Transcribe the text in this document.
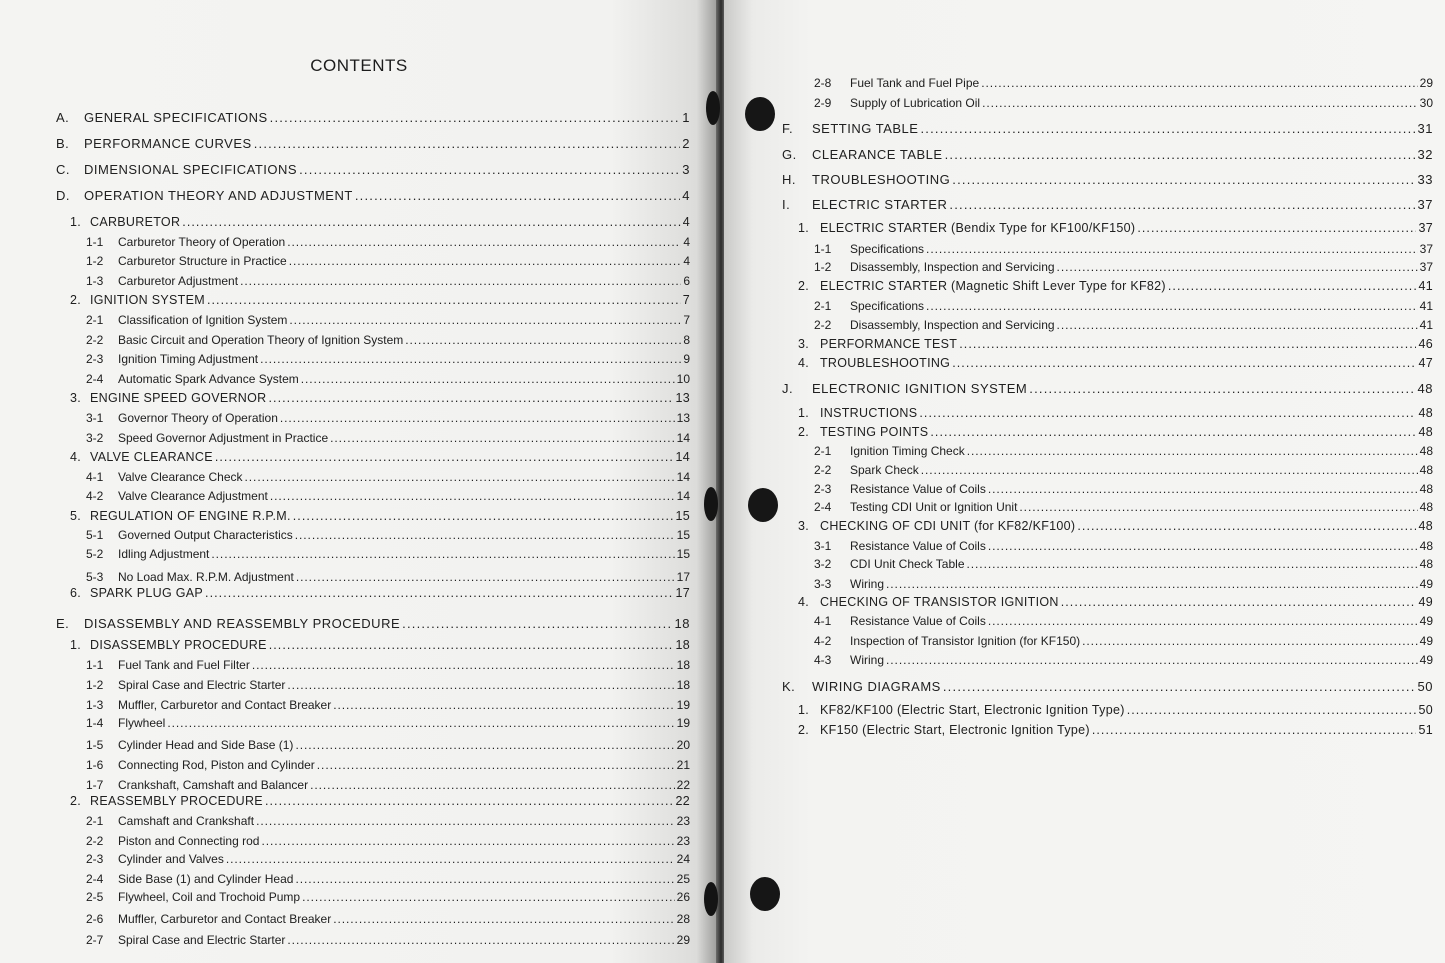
CONTENTS
A.	GENERAL SPECIFICATIONS . . .	1
B.	PERFORMANCE CURVES . . .	2
C.	DIMENSIONAL SPECIFICATIONS . . .	3
D.	OPERATION THEORY AND ADJUSTMENT . . .	4
1. CARBURETOR . . .	4
1-1	Carburetor Theory of Operation . . .	4
1-2	Carburetor Structure in Practice . . .	4
1-3	Carburetor Adjustment . . .	6
2. IGNITION SYSTEM . . .	7
2-1	Classification of Ignition System . . .	7
2-2	Basic Circuit and Operation Theory of Ignition System . . .	8
2-3	Ignition Timing Adjustment . . .	9
2-4	Automatic Spark Advance System . . .	10
3. ENGINE SPEED GOVERNOR . . .	13
3-1	Governor Theory of Operation . . .	13
3-2	Speed Governor Adjustment in Practice . . .	14
4. VALVE CLEARANCE . . .	14
4-1	Valve Clearance Check . . .	14
4-2	Valve Clearance Adjustment . . .	14
5. REGULATION OF ENGINE R.P.M. . . .	15
5-1	Governed Output Characteristics . . .	15
5-2	Idling Adjustment . . .	15
5-3	No Load Max. R.P.M. Adjustment . . .	17
6. SPARK PLUG GAP . . .	17
E.	DISASSEMBLY AND REASSEMBLY PROCEDURE . . .	18
1. DISASSEMBLY PROCEDURE . . .	18
1-1	Fuel Tank and Fuel Filter . . .	18
1-2	Spiral Case and Electric Starter . . .	18
1-3	Muffler, Carburetor and Contact Breaker . . .	19
1-4	Flywheel . . .	19
1-5	Cylinder Head and Side Base (1) . . .	20
1-6	Connecting Rod, Piston and Cylinder . . .	21
1-7	Crankshaft, Camshaft and Balancer . . .	22
2. REASSEMBLY PROCEDURE . . .	22
2-1	Camshaft and Crankshaft . . .	23
2-2	Piston and Connecting rod . . .	23
2-3	Cylinder and Valves . . .	24
2-4	Side Base (1) and Cylinder Head . . .	25
2-5	Flywheel, Coil and Trochoid Pump . . .	26
2-6	Muffler, Carburetor and Contact Breaker . . .	28
2-7	Spiral Case and Electric Starter . . .	29
2-8	Fuel Tank and Fuel Pipe . . .	29
2-9	Supply of Lubrication Oil . . .	30
F.	SETTING TABLE . . .	31
G.	CLEARANCE TABLE . . .	32
H.	TROUBLESHOOTING . . .	33
I.	ELECTRIC STARTER . . .	37
1. ELECTRIC STARTER (Bendix Type for KF100/KF150) . . .	37
1-1	Specifications . . .	37
1-2	Disassembly, Inspection and Servicing . . .	37
2. ELECTRIC STARTER (Magnetic Shift Lever Type for KF82) . . .	41
2-1	Specifications . . .	41
2-2	Disassembly, Inspection and Servicing . . .	41
3. PERFORMANCE TEST . . .	46
4. TROUBLESHOOTING . . .	47
J.	ELECTRONIC IGNITION SYSTEM . . .	48
1. INSTRUCTIONS . . .	48
2. TESTING POINTS . . .	48
2-1	Ignition Timing Check . . .	48
2-2	Spark Check . . .	48
2-3	Resistance Value of Coils . . .	48
2-4	Testing CDI Unit or Ignition Unit . . .	48
3. CHECKING OF CDI UNIT (for KF82/KF100) . . .	48
3-1	Resistance Value of Coils . . .	48
3-2	CDI Unit Check Table . . .	48
3-3	Wiring . . .	49
4. CHECKING OF TRANSISTOR IGNITION . . .	49
4-1	Resistance Value of Coils . . .	49
4-2	Inspection of Transistor Ignition (for KF150) . . .	49
4-3	Wiring . . .	49
K.	WIRING DIAGRAMS . . .	50
1. KF82/KF100 (Electric Start, Electronic Ignition Type) . . .	50
2. KF150 (Electric Start, Electronic Ignition Type) . . .	51
